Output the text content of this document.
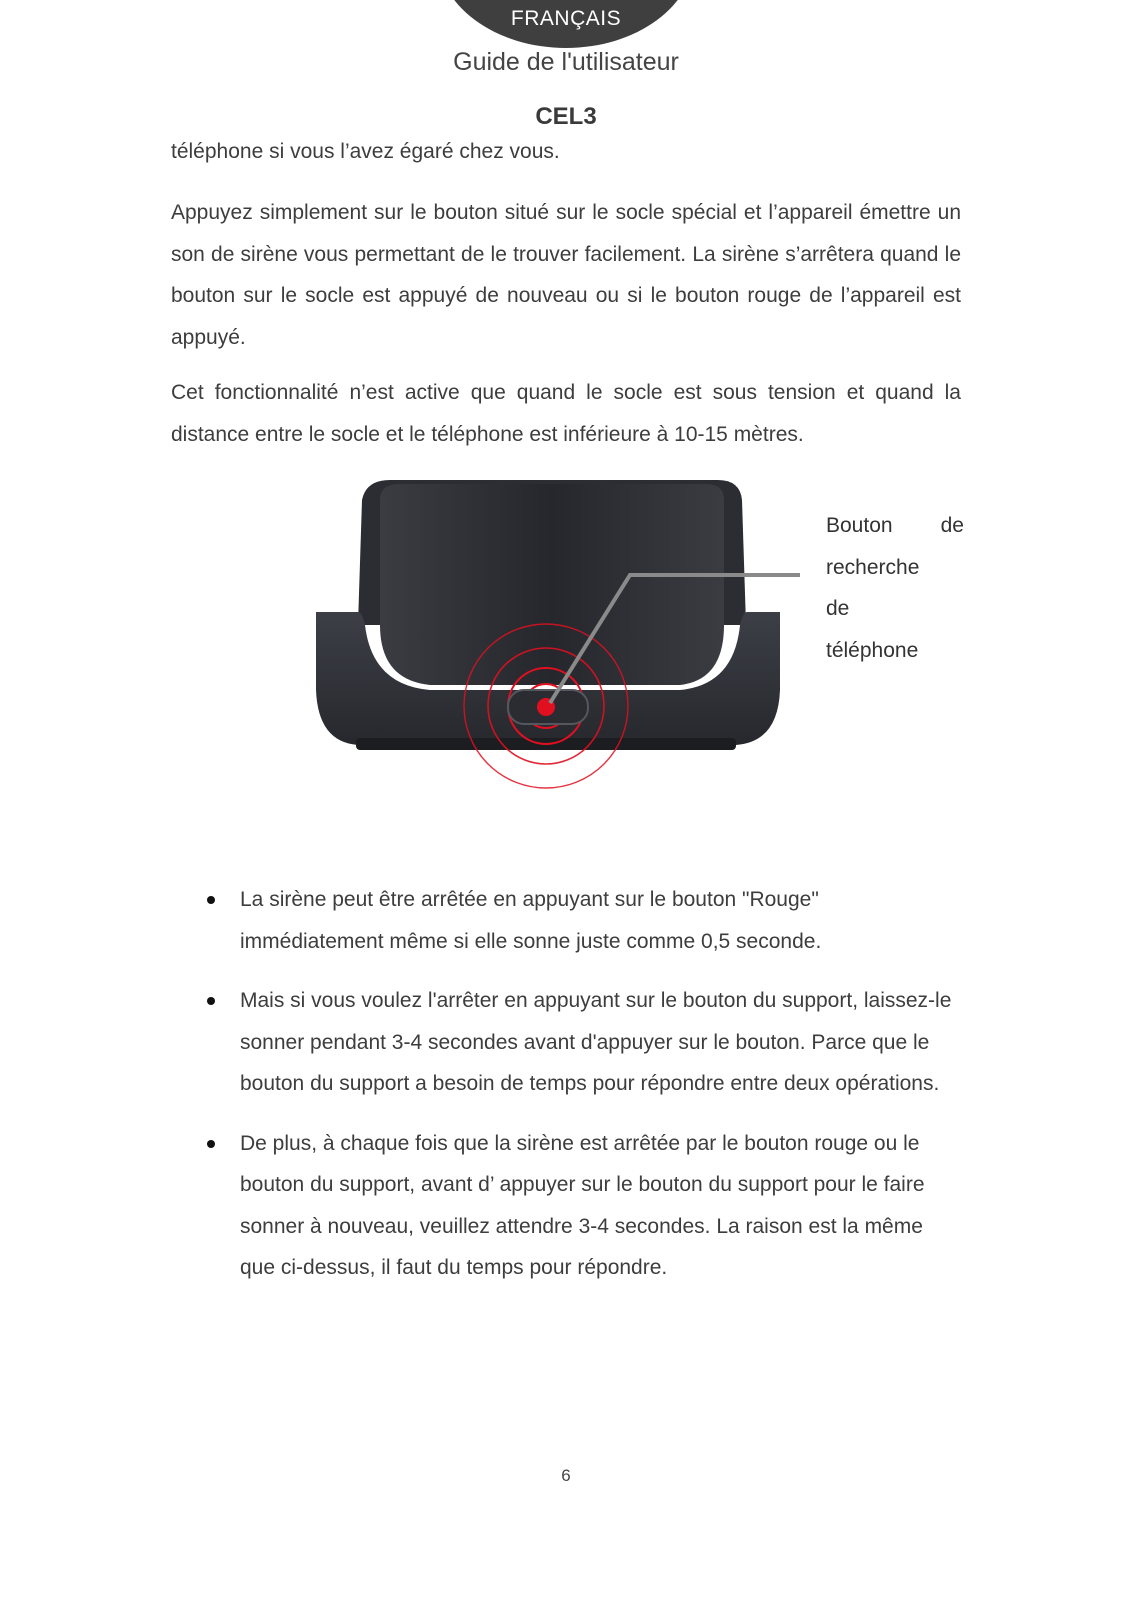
FRANÇAIS
Guide de l'utilisateur
CEL3

téléphone si vous l’avez égaré chez vous.

Appuyez simplement sur le bouton situé sur le socle spécial et l’appareil émettre un son de sirène vous permettant de le trouver facilement. La sirène s’arrêtera quand le bouton sur le socle est appuyé de nouveau ou si le bouton rouge de l’appareil est appuyé.

Cet fonctionnalité n’est active que quand le socle est sous tension et quand la distance entre le socle et le téléphone est inférieure à 10-15 mètres.

Bouton de
recherche
de
téléphone
La sirène peut être arrêtée en appuyant sur le bouton "Rouge" immédiatement même si elle sonne juste comme 0,5 seconde.
Mais si vous voulez l'arrêter en appuyant sur le bouton du support, laissez-le sonner pendant 3-4 secondes avant d'appuyer sur le bouton. Parce que le bouton du support a besoin de temps pour répondre entre deux opérations.
De plus, à chaque fois que la sirène est arrêtée par le bouton rouge ou le bouton du support, avant d’ appuyer sur le bouton du support pour le faire sonner à nouveau, veuillez attendre 3-4 secondes. La raison est la même que ci-dessus, il faut du temps pour répondre.
6
